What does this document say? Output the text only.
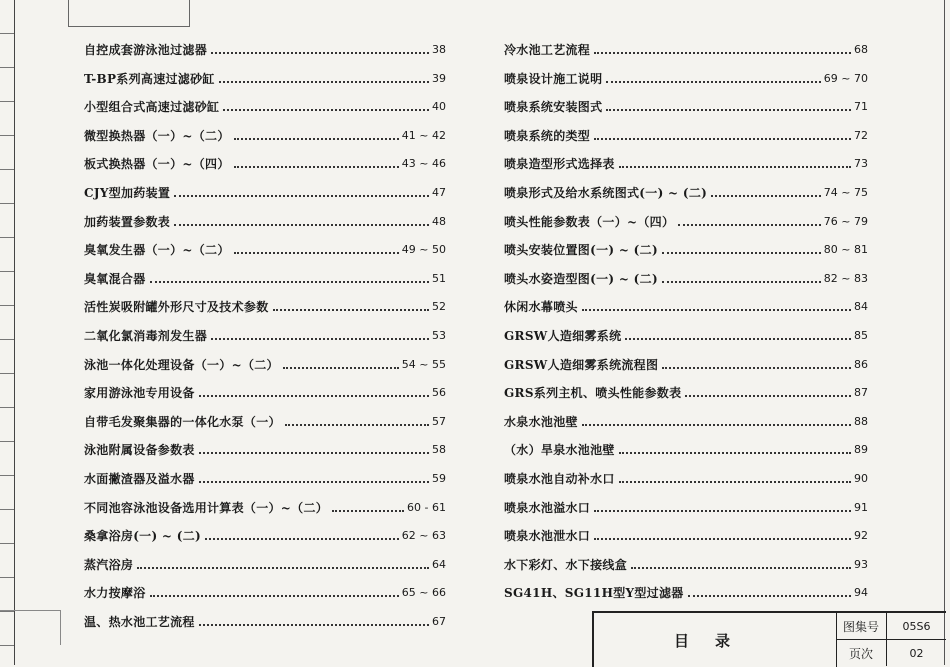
自控成套游泳池过滤器	38
T-BP系列高速过滤砂缸	39
小型组合式高速过滤砂缸	40
微型换热器（一）~（二）	41 ~ 42
板式换热器（一）~（四）	43 ~ 46
CJY型加药装置	47
加药装置参数表	48
臭氧发生器（一）~（二）	49 ~ 50
臭氧混合器	51
活性炭吸附罐外形尺寸及技术参数	52
二氧化氯消毒剂发生器	53
泳池一体化处理设备（一）~（二）	54 ~ 55
家用游泳池专用设备	56
自带毛发聚集器的一体化水泵（一）	57
泳池附属设备参数表	58
水面撇渣器及溢水器	59
不同池容泳池设备选用计算表（一）~（二）	60 - 61
桑拿浴房(一) ~ (二)	62 ~ 63
蒸汽浴房	64
水力按摩浴	65 ~ 66
温、热水池工艺流程	67
冷水池工艺流程	68
喷泉设计施工说明	69 ~ 70
喷泉系统安装图式	71
喷泉系统的类型	72
喷泉造型形式选择表	73
喷泉形式及给水系统图式(一) ~ (二)	74 ~ 75
喷头性能参数表（一）~（四）	76 ~ 79
喷头安装位置图(一) ~ (二)	80 ~ 81
喷头水姿造型图(一) ~ (二)	82 ~ 83
休闲水幕喷头	84
GRSW人造细雾系统	85
GRSW人造细雾系统流程图	86
GRS系列主机、喷头性能参数表	87
水泉水池池壁	88
（水）旱泉水池池壁	89
喷泉水池自动补水口	90
喷泉水池溢水口	91
喷泉水池泄水口	92
水下彩灯、水下接线盒	93
SG41H、SG11H型Y型过滤器	94
目录
图集号	05S6
页次	02
